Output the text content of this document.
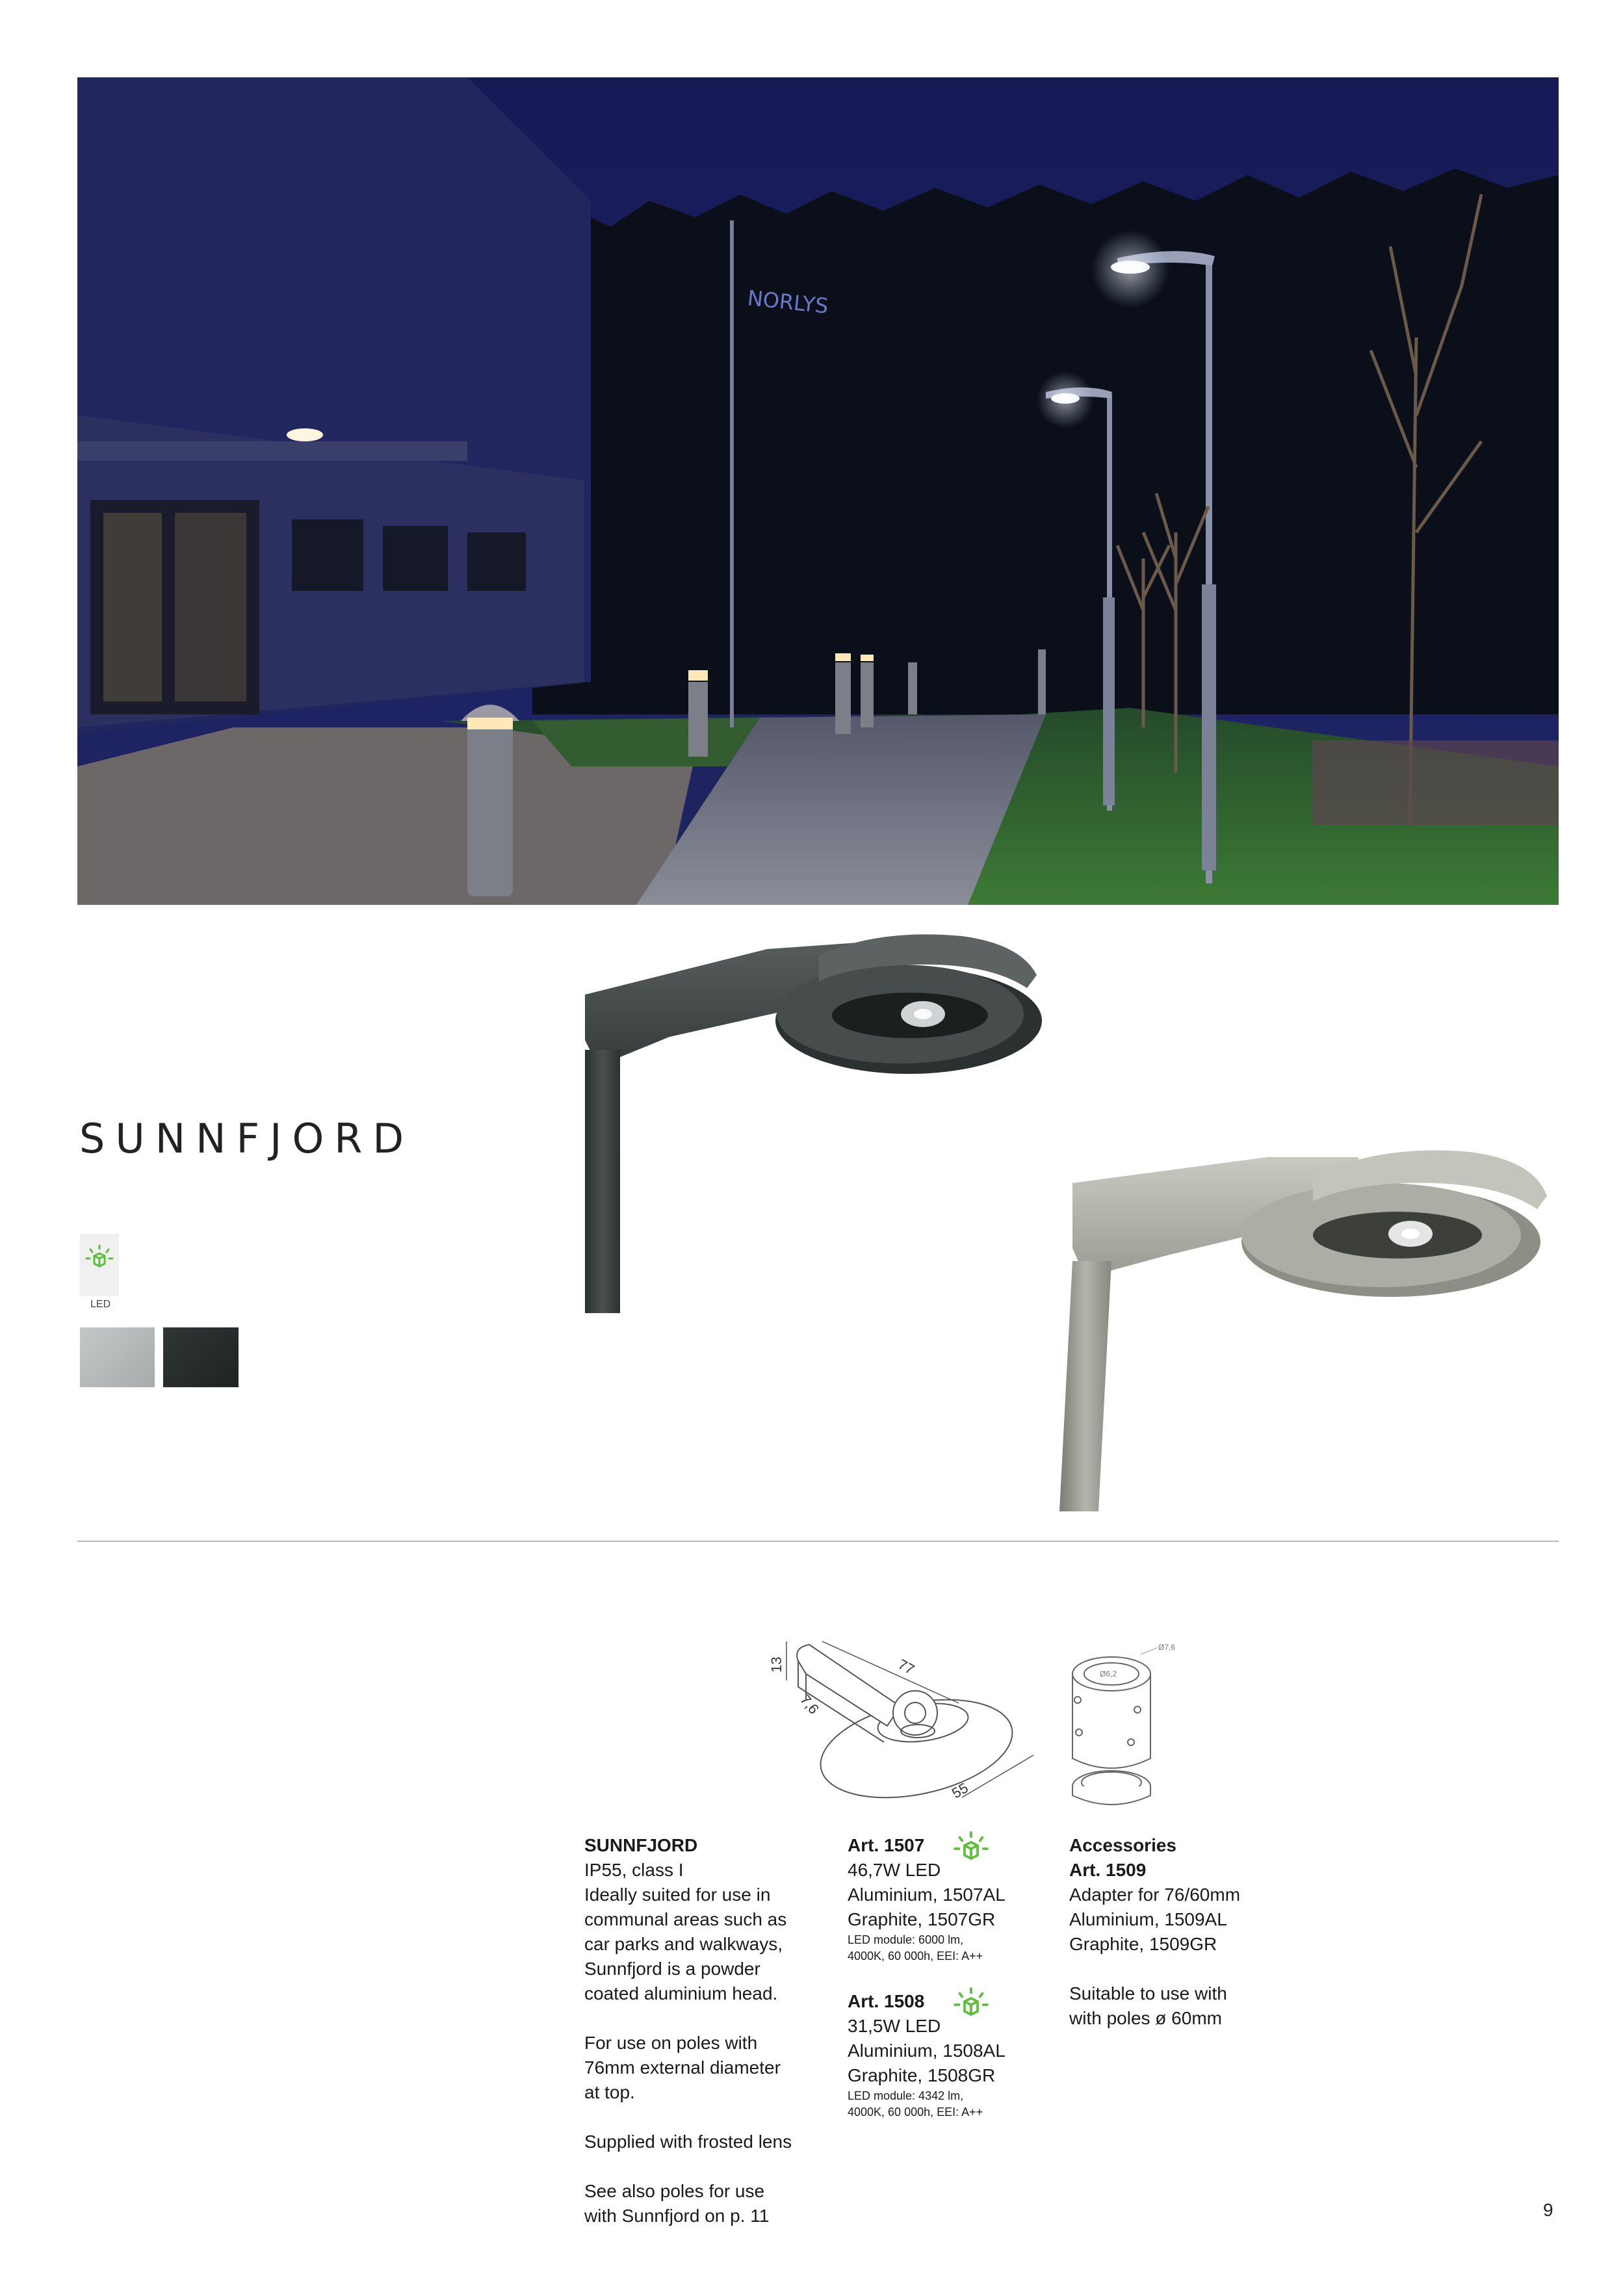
NORLYS
SUNNFJORD
LED
77
13
7,6
55
Ø7,6
Ø6,2

SUNNFJORD

IP55, class I

Ideally suited for use in

communal areas such as

car parks and walkways,

Sunnfjord is a powder

coated aluminium head.

For use on poles with

76mm external diameter

at top.

Supplied with frosted lens

See also poles for use

with Sunnfjord on p. 11

Art. 1507

46,7W LED

Aluminium, 1507AL

Graphite, 1507GR

LED module: 6000 lm,

4000K, 60 000h, EEI: A++

Art. 1508

31,5W LED

Aluminium, 1508AL

Graphite, 1508GR

LED module: 4342 lm,

4000K, 60 000h, EEI: A++

Accessories

Art. 1509

Adapter for 76/60mm

Aluminium, 1509AL

Graphite, 1509GR

Suitable to use with

with poles ø 60mm

9
